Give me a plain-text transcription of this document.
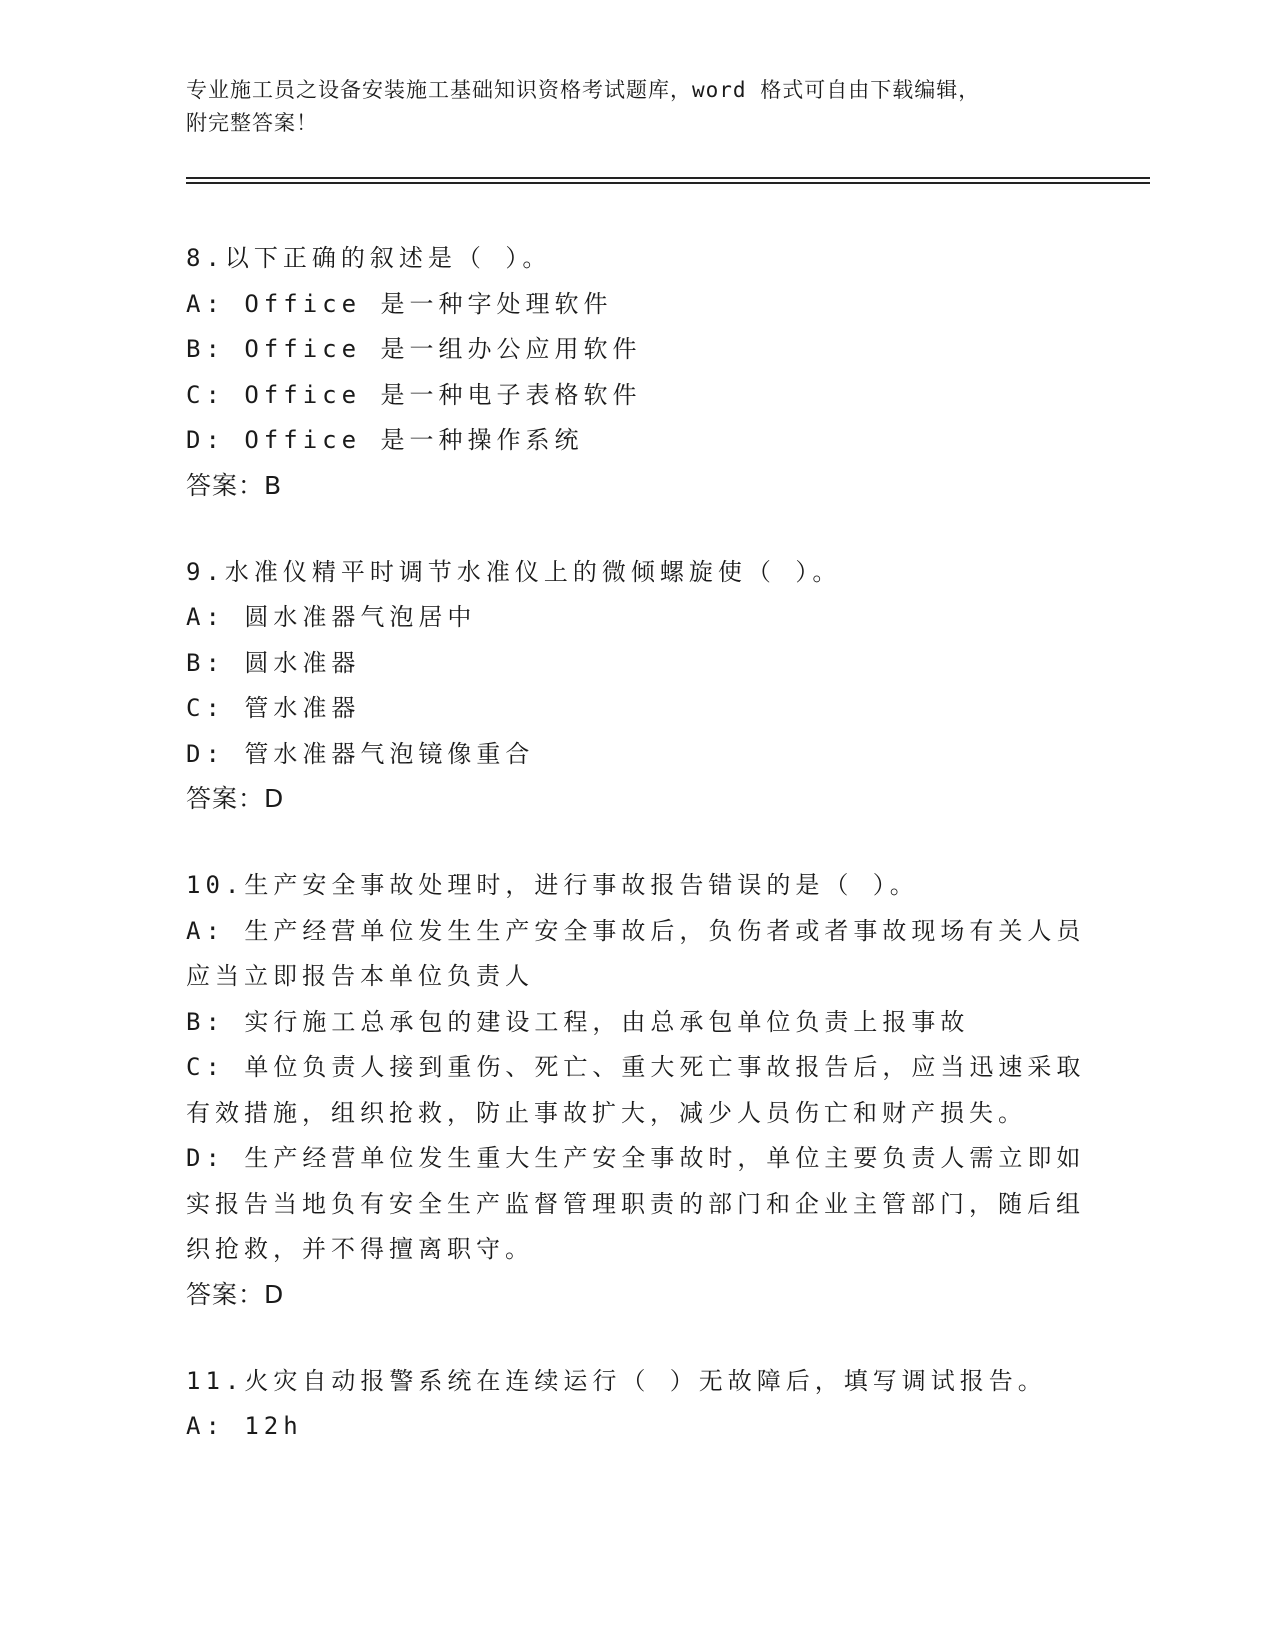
专业施工员之设备安装施工基础知识资格考试题库，word 格式可自由下载编辑，
附完整答案！
8.以下正确的叙述是（ ）。
A: Office 是一种字处理软件
B: Office 是一组办公应用软件
C: Office 是一种电子表格软件
D: Office 是一种操作系统
答案：B
9.水准仪精平时调节水准仪上的微倾螺旋使（ ）。
A: 圆水准器气泡居中
B: 圆水准器
C: 管水准器
D: 管水准器气泡镜像重合
答案：D
10.生产安全事故处理时，进行事故报告错误的是（ ）。
A: 生产经营单位发生生产安全事故后，负伤者或者事故现场有关人员应当立即报告本单位负责人
B: 实行施工总承包的建设工程，由总承包单位负责上报事故
C: 单位负责人接到重伤、死亡、重大死亡事故报告后，应当迅速采取有效措施，组织抢救，防止事故扩大，减少人员伤亡和财产损失。
D: 生产经营单位发生重大生产安全事故时，单位主要负责人需立即如实报告当地负有安全生产监督管理职责的部门和企业主管部门，随后组织抢救，并不得擅离职守。
答案：D
11.火灾自动报警系统在连续运行（ ）无故障后，填写调试报告。
A: 12h
